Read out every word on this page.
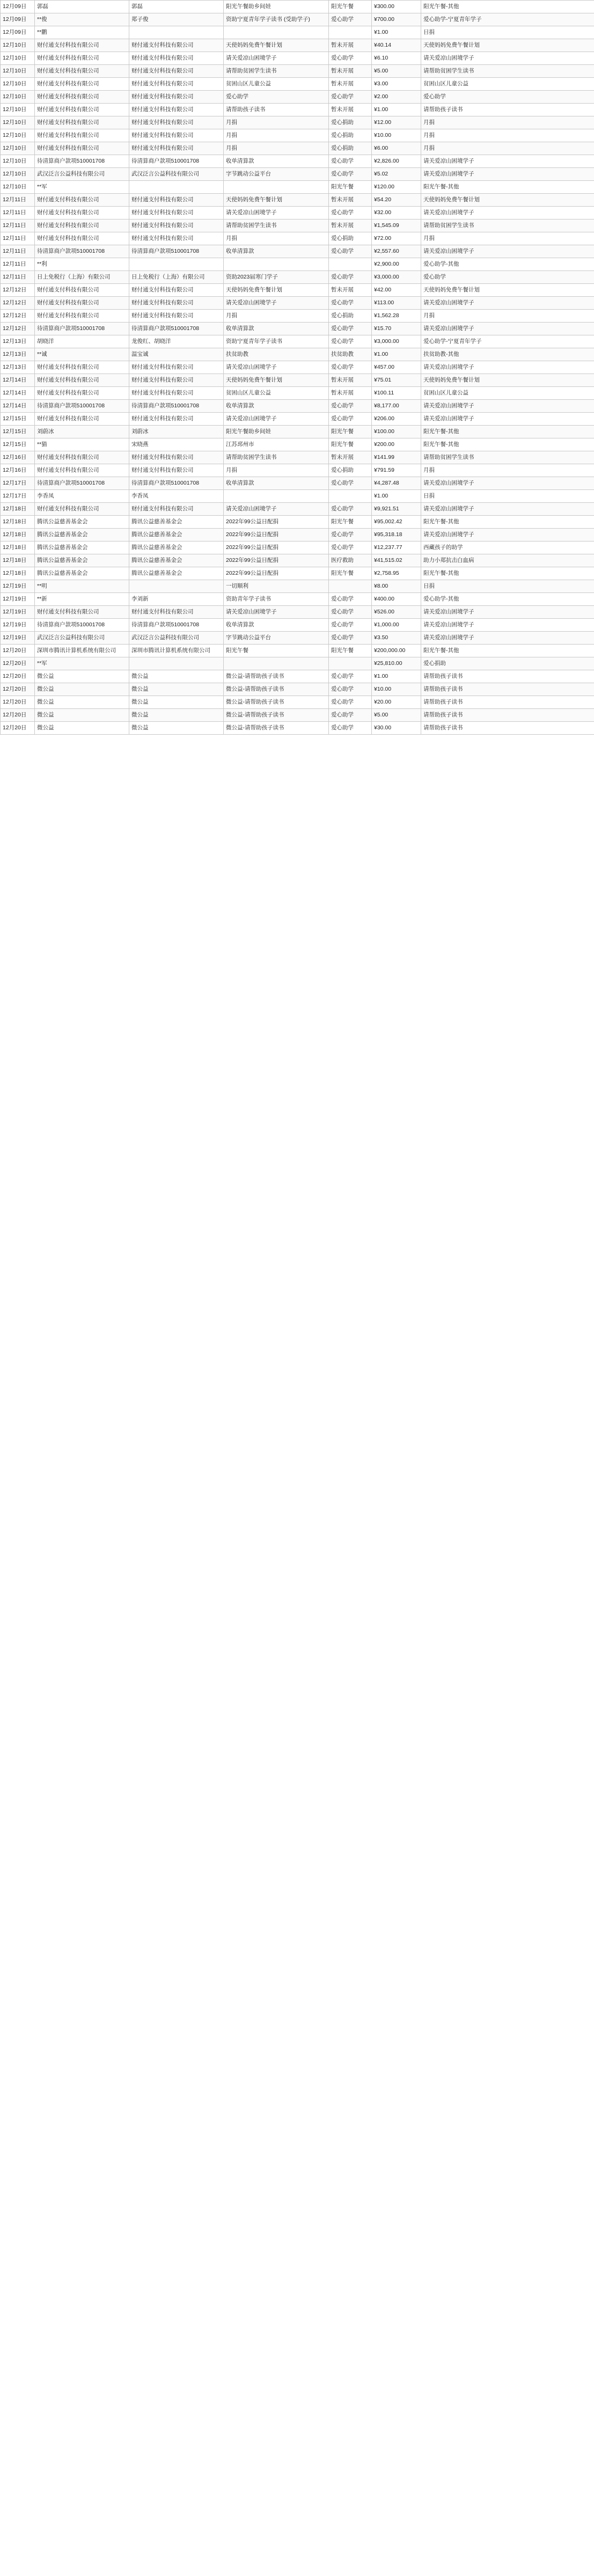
12月09日	郭磊	郭磊	阳光午餐助乡间娃	阳光午餐	¥300.00	阳光午餐-其他
12月09日	**俊	郑子俊	资助宁夏青年学子读书 (受助学子)	爱心助学	¥700.00	爱心助学-宁夏青年学子
12月09日	**鹏				¥1.00	日捐
12月10日	财付通支付科技有限公司	财付通支付科技有限公司	天使妈妈免费午餐计划	暂未开展	¥40.14	天使妈妈免费午餐计划
12月10日	财付通支付科技有限公司	财付通支付科技有限公司	请关爱凉山困境学子	爱心助学	¥6.10	请关爱凉山困境学子
12月10日	财付通支付科技有限公司	财付通支付科技有限公司	请帮助贫困学生读书	暂未开展	¥5.00	请帮助贫困学生读书
12月10日	财付通支付科技有限公司	财付通支付科技有限公司	贫困山区儿童公益	暂未开展	¥3.00	贫困山区儿童公益
12月10日	财付通支付科技有限公司	财付通支付科技有限公司	爱心助学	爱心助学	¥2.00	爱心助学
12月10日	财付通支付科技有限公司	财付通支付科技有限公司	请帮助孩子读书	暂未开展	¥1.00	请帮助孩子读书
12月10日	财付通支付科技有限公司	财付通支付科技有限公司	月捐	爱心捐助	¥12.00	月捐
12月10日	财付通支付科技有限公司	财付通支付科技有限公司	月捐	爱心捐助	¥10.00	月捐
12月10日	财付通支付科技有限公司	财付通支付科技有限公司	月捐	爱心捐助	¥6.00	月捐
12月10日	待清算商户款项510001708	待清算商户款项510001708	收单清算款	爱心助学	¥2,826.00	请关爱凉山困境学子
12月10日	武汉泛言公益科技有限公司	武汉泛言公益科技有限公司	字节跳动公益平台	爱心助学	¥5.02	请关爱凉山困境学子
12月10日	**军			阳光午餐	¥120.00	阳光午餐-其他
12月11日	财付通支付科技有限公司	财付通支付科技有限公司	天使妈妈免费午餐计划	暂未开展	¥54.20	天使妈妈免费午餐计划
12月11日	财付通支付科技有限公司	财付通支付科技有限公司	请关爱凉山困境学子	爱心助学	¥32.00	请关爱凉山困境学子
12月11日	财付通支付科技有限公司	财付通支付科技有限公司	请帮助贫困学生读书	暂未开展	¥1,545.09	请帮助贫困学生读书
12月11日	财付通支付科技有限公司	财付通支付科技有限公司	月捐	爱心捐助	¥72.00	月捐
12月11日	待清算商户款项510001708	待清算商户款项510001708	收单清算款	爱心助学	¥2,557.60	请关爱凉山困境学子
12月11日	**利				¥2,900.00	爱心助学-其他
12月11日	日上免税行（上海）有限公司	日上免税行（上海）有限公司	资助2023届寒门学子	爱心助学	¥3,000.00	爱心助学
12月12日	财付通支付科技有限公司	财付通支付科技有限公司	天使妈妈免费午餐计划	暂未开展	¥42.00	天使妈妈免费午餐计划
12月12日	财付通支付科技有限公司	财付通支付科技有限公司	请关爱凉山困境学子	爱心助学	¥113.00	请关爱凉山困境学子
12月12日	财付通支付科技有限公司	财付通支付科技有限公司	月捐	爱心捐助	¥1,562.28	月捐
12月12日	待清算商户款项510001708	待清算商户款项510001708	收单清算款	爱心助学	¥15.70	请关爱凉山困境学子
12月13日	胡晓洋	龙俊红、胡晓洋	资助宁夏青年学子读书	爱心助学	¥3,000.00	爱心助学-宁夏青年学子
12月13日	**诚	温宝诚	扶贫助教	扶贫助教	¥1.00	扶贫助教-其他
12月13日	财付通支付科技有限公司	财付通支付科技有限公司	请关爱凉山困境学子	爱心助学	¥457.00	请关爱凉山困境学子
12月14日	财付通支付科技有限公司	财付通支付科技有限公司	天使妈妈免费午餐计划	暂未开展	¥75.01	天使妈妈免费午餐计划
12月14日	财付通支付科技有限公司	财付通支付科技有限公司	贫困山区儿童公益	暂未开展	¥100.11	贫困山区儿童公益
12月14日	待清算商户款项510001708	待清算商户款项510001708	收单清算款	爱心助学	¥8,177.00	请关爱凉山困境学子
12月15日	财付通支付科技有限公司	财付通支付科技有限公司	请关爱凉山困境学子	爱心助学	¥206.00	请关爱凉山困境学子
12月15日	刘蔚冰	刘蔚冰	阳光午餐助乡间娃	阳光午餐	¥100.00	阳光午餐-其他
12月15日	**猫	宋晓燕	江苏邳州市	阳光午餐	¥200.00	阳光午餐-其他
12月16日	财付通支付科技有限公司	财付通支付科技有限公司	请帮助贫困学生读书	暂未开展	¥141.99	请帮助贫困学生读书
12月16日	财付通支付科技有限公司	财付通支付科技有限公司	月捐	爱心捐助	¥791.59	月捐
12月17日	待清算商户款项510001708	待清算商户款项510001708	收单清算款	爱心助学	¥4,287.48	请关爱凉山困境学子
12月17日	李香凤	李香凤			¥1.00	日捐
12月18日	财付通支付科技有限公司	财付通支付科技有限公司	请关爱凉山困境学子	爱心助学	¥9,921.51	请关爱凉山困境学子
12月18日	腾讯公益慈善基金会	腾讯公益慈善基金会	2022年99公益日配捐	阳光午餐	¥95,002.42	阳光午餐-其他
12月18日	腾讯公益慈善基金会	腾讯公益慈善基金会	2022年99公益日配捐	爱心助学	¥95,318.18	请关爱凉山困境学子
12月18日	腾讯公益慈善基金会	腾讯公益慈善基金会	2022年99公益日配捐	爱心助学	¥12,237.77	西藏孩子的助学
12月18日	腾讯公益慈善基金会	腾讯公益慈善基金会	2022年99公益日配捐	医疗救助	¥41,515.02	助力小郑抗击白血病
12月18日	腾讯公益慈善基金会	腾讯公益慈善基金会	2022年99公益日配捐	阳光午餐	¥2,758.95	阳光午餐-其他
12月19日	**明		一切顺利		¥8.00	日捐
12月19日	**新	李刘新	资助青年学子读书	爱心助学	¥400.00	爱心助学-其他
12月19日	财付通支付科技有限公司	财付通支付科技有限公司	请关爱凉山困境学子	爱心助学	¥526.00	请关爱凉山困境学子
12月19日	待清算商户款项510001708	待清算商户款项510001708	收单清算款	爱心助学	¥1,000.00	请关爱凉山困境学子
12月19日	武汉泛言公益科技有限公司	武汉泛言公益科技有限公司	字节跳动公益平台	爱心助学	¥3.50	请关爱凉山困境学子
12月20日	深圳市腾讯计算机系统有限公司	深圳市腾讯计算机系统有限公司	阳光午餐	阳光午餐	¥200,000.00	阳光午餐-其他
12月20日	**军				¥25,810.00	爱心捐助
12月20日	微公益	微公益	微公益-请帮助孩子读书	爱心助学	¥1.00	请帮助孩子读书
12月20日	微公益	微公益	微公益-请帮助孩子读书	爱心助学	¥10.00	请帮助孩子读书
12月20日	微公益	微公益	微公益-请帮助孩子读书	爱心助学	¥20.00	请帮助孩子读书
12月20日	微公益	微公益	微公益-请帮助孩子读书	爱心助学	¥5.00	请帮助孩子读书
12月20日	微公益	微公益	微公益-请帮助孩子读书	爱心助学	¥30.00	请帮助孩子读书
